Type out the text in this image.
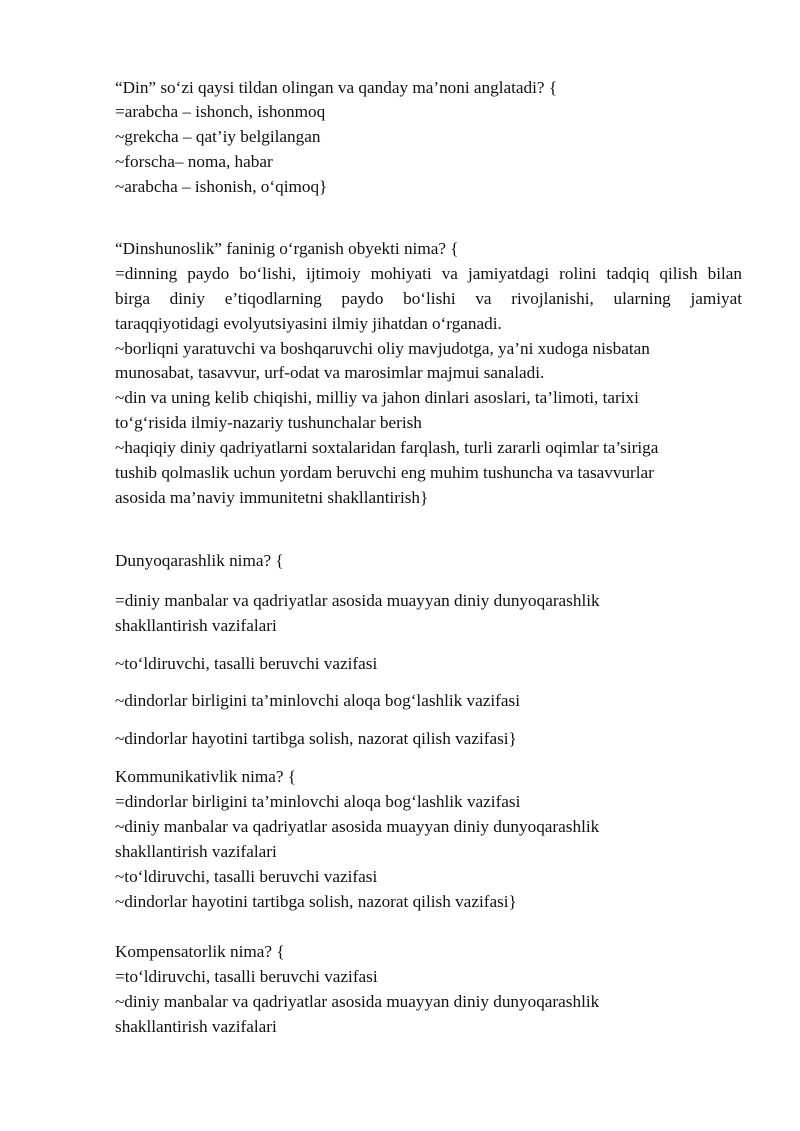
“Din” so‘zi qaysi tildan olingan va qanday ma’noni anglatadi? {
=arabcha – ishonch, ishonmoq
~grekcha – qat’iy belgilangan
~forscha– noma, habar
~arabcha – ishonish, o‘qimoq}
“Dinshunoslik” faninig o‘rganish obyekti nima? {
=dinning paydo bo‘lishi, ijtimoiy mohiyati va jamiyatdagi rolini tadqiq qilish bilan
birga diniy e’tiqodlarning paydo bo‘lishi va rivojlanishi, ularning jamiyat
taraqqiyotidagi evolyutsiyasini ilmiy jihatdan o‘rganadi.
~borliqni yaratuvchi va boshqaruvchi oliy mavjudotga, ya’ni xudoga nisbatan
munosabat, tasavvur, urf-odat va marosimlar majmui sanaladi.
~din va uning kelib chiqishi, milliy va jahon dinlari asoslari, ta’limoti, tarixi
to‘g‘risida ilmiy-nazariy tushunchalar berish
~haqiqiy diniy qadriyatlarni soxtalaridan farqlash, turli zararli oqimlar ta’siriga
tushib qolmaslik uchun yordam beruvchi eng muhim tushuncha va tasavvurlar
asosida ma’naviy immunitetni shakllantirish}
Dunyoqarashlik nima? {
=diniy manbalar va qadriyatlar asosida muayyan diniy dunyoqarashlik
shakllantirish vazifalari
~to‘ldiruvchi, tasalli beruvchi vazifasi
~dindorlar birligini ta’minlovchi aloqa bog‘lashlik vazifasi
~dindorlar hayotini tartibga solish, nazorat qilish vazifasi}
Kommunikativlik nima? {
=dindorlar birligini ta’minlovchi aloqa bog‘lashlik vazifasi
~diniy manbalar va qadriyatlar asosida muayyan diniy dunyoqarashlik
shakllantirish vazifalari
~to‘ldiruvchi, tasalli beruvchi vazifasi
~dindorlar hayotini tartibga solish, nazorat qilish vazifasi}
Kompensatorlik nima? {
=to‘ldiruvchi, tasalli beruvchi vazifasi
~diniy manbalar va qadriyatlar asosida muayyan diniy dunyoqarashlik
shakllantirish vazifalari
